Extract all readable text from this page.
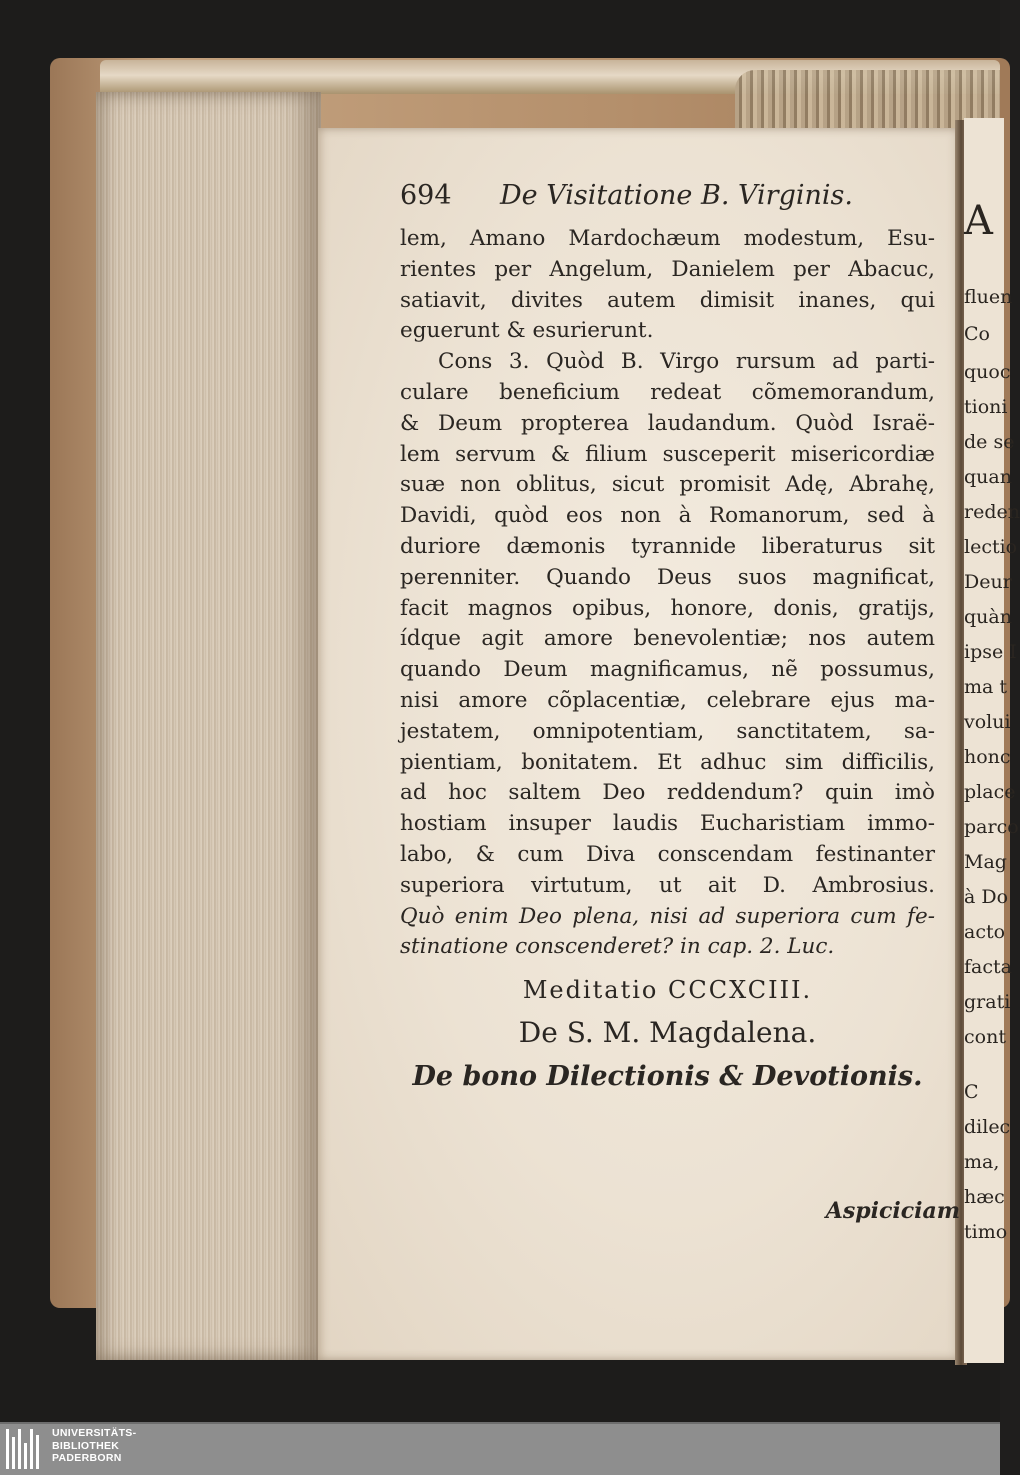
A
fluen
Co
quoc
tioni
de se
quan
reden
lectio
Deur
quàn
ipse I
ma t
volui
honc
place
parco
Mag
à Do
acto
facta
grati
cont
C
dilec
ma,
hæc
timo
694	De Visitatione B. Virginis.
lem, Amano Mardochæum modestum, Esu-
rientes per Angelum, Danielem per Abacuc,
satiavit, divites autem dimisit inanes, qui
eguerunt & esurierunt.
Cons 3. Quòd B. Virgo rursum ad parti-
culare beneficium redeat cõmemorandum,
& Deum propterea laudandum. Quòd Israë-
lem servum & filium susceperit misericordiæ
suæ non oblitus, sicut promisit Adę, Abrahę,
Davidi, quòd eos non à Romanorum, sed à
duriore dæmonis tyrannide liberaturus sit
perenniter. Quando Deus suos magnificat,
facit magnos opibus, honore, donis, gratijs,
ídque agit amore benevolentiæ; nos autem
quando Deum magnificamus, nẽ possumus,
nisi amore cõplacentiæ, celebrare ejus ma-
jestatem, omnipotentiam, sanctitatem, sa-
pientiam, bonitatem. Et adhuc sim difficilis,
ad hoc saltem Deo reddendum? quin imò
hostiam insuper laudis Eucharistiam immo-
labo, & cum Diva conscendam festinanter
superiora virtutum, ut ait D. Ambrosius.
Quò enim Deo plena, nisi ad superiora cum fe-
stinatione conscenderet? in cap. 2. Luc.
Meditatio CCCXCIII.
De S. M. Magdalena.
De bono Dilectionis & Devotionis.
Aspiciciam
UNIVERSITÄTS-
BIBLIOTHEK
PADERBORN
